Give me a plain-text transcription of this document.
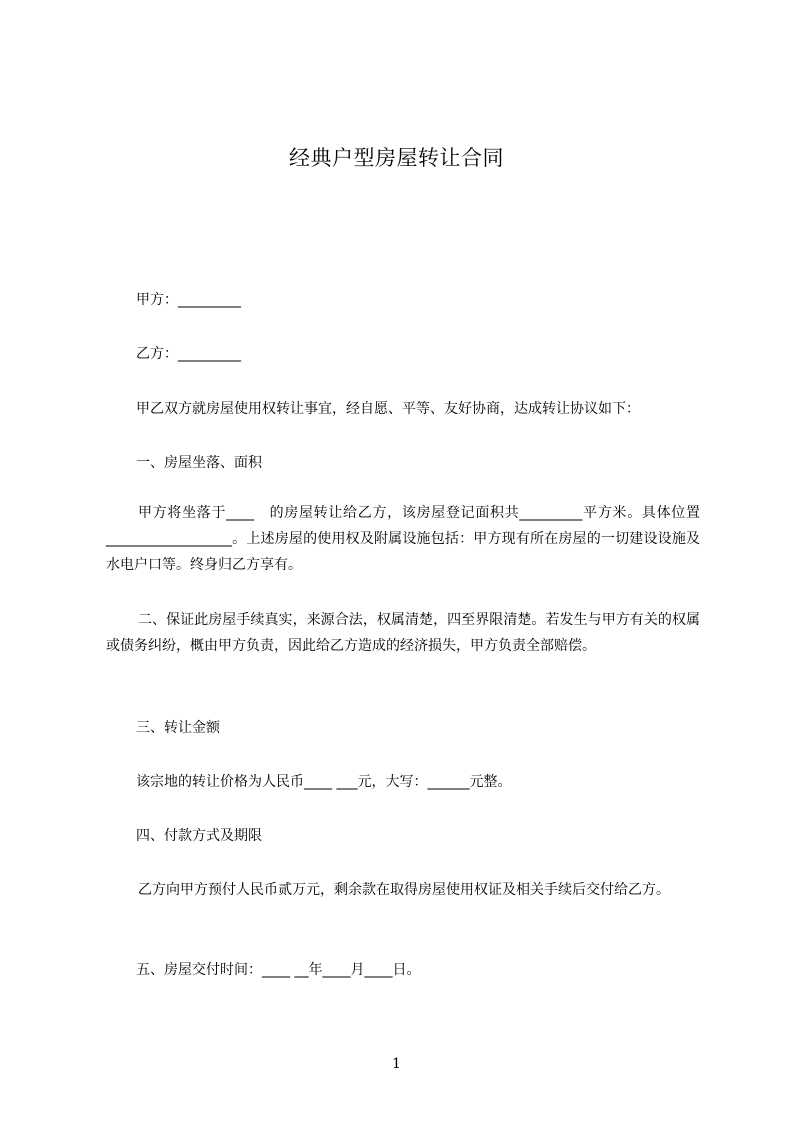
经典户型房屋转让合同
甲方：_________
乙方：_________
甲乙双方就房屋使用权转让事宜，经自愿、平等、友好协商，达成转让协议如下：
一、房屋坐落、面积
甲方将坐落于____　的房屋转让给乙方，该房屋登记面积共_________平方米。具体位置__________________。上述房屋的使用权及附属设施包括：甲方现有所在房屋的一切建设设施及水电户口等。终身归乙方享有。
二、保证此房屋手续真实，来源合法，权属清楚，四至界限清楚。若发生与甲方有关的权属或债务纠纷，概由甲方负责，因此给乙方造成的经济损失，甲方负责全部赔偿。
三、转让金额
该宗地的转让价格为人民币____ ___元，大写：______元整。
四、付款方式及期限
乙方向甲方预付人民币贰万元，剩余款在取得房屋使用权证及相关手续后交付给乙方。
五、房屋交付时间：____ __年____月____日。
1
